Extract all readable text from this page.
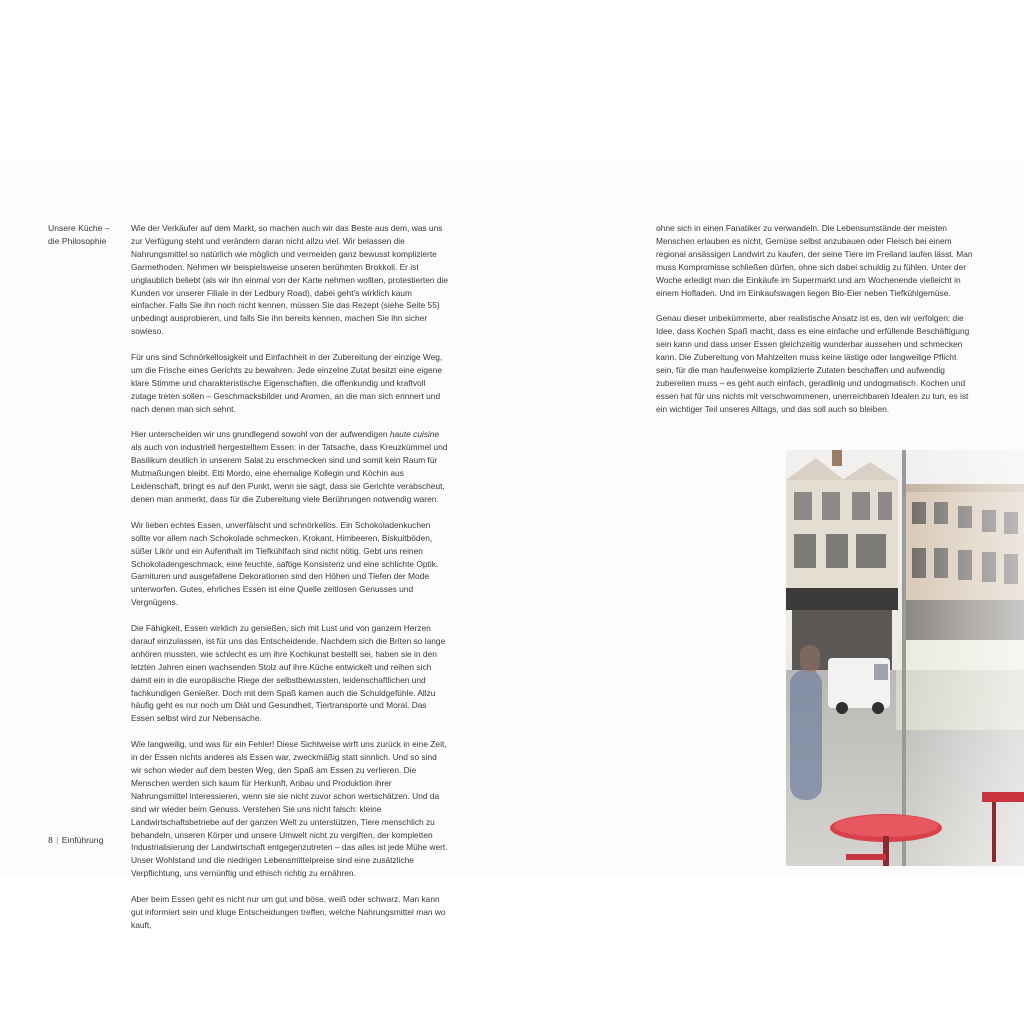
Unsere Küche –
die Philosophie

Wie der Verkäufer auf dem Markt, so machen auch wir das Beste aus dem, was uns zur Verfügung steht und verändern daran nicht allzu viel. Wir belassen die Nahrungsmittel so natürlich wie möglich und vermeiden ganz bewusst komplizierte Garmethoden. Nehmen wir beispielsweise unseren berühmten Brokkoli. Er ist unglaublich beliebt (als wir ihn einmal von der Karte nehmen wollten, protestierten die Kunden vor unserer Filiale in der Ledbury Road), dabei geht’s wirklich kaum einfacher. Falls Sie ihn noch nicht kennen, müssen Sie das Rezept (siehe Seite 55) unbedingt ausprobieren, und falls Sie ihn bereits kennen, machen Sie ihn sicher sowieso.

Für uns sind Schnörkellosigkeit und Einfachheit in der Zubereitung der einzige Weg, um die Frische eines Gerichts zu bewahren. Jede einzelne Zutat besitzt eine eigene klare Stimme und charakteristische Eigenschaften, die offenkundig und kraftvoll zutage treten sollen – Geschmacksbilder und Aromen, an die man sich erinnert und nach denen man sich sehnt.

Hier unterscheiden wir uns grundlegend sowohl von der aufwendigen haute cuisine als auch von industriell hergestelltem Essen: in der Tatsache, dass Kreuzkümmel und Basilikum deutlich in unserem Salat zu erschmecken sind und somit kein Raum für Mutmaßungen bleibt. Etti Mordo, eine ehemalige Kollegin und Köchin aus Leidenschaft, bringt es auf den Punkt, wenn sie sagt, dass sie Gerichte verabscheut, denen man anmerkt, dass für die Zubereitung viele Berührungen notwendig waren.

Wir lieben echtes Essen, unverfälscht und schnörkellos. Ein Schokoladenkuchen sollte vor allem nach Schokolade schmecken. Krokant, Himbeeren, Biskuitböden, süßer Likör und ein Aufenthalt im Tiefkühlfach sind nicht nötig. Gebt uns reinen Schokoladengeschmack, eine feuchte, saftige Konsistenz und eine schlichte Optik. Garnituren und ausgefallene Dekorationen sind den Höhen und Tiefen der Mode unterworfen. Gutes, ehrliches Essen ist eine Quelle zeitlosen Genusses und Vergnügens.

Die Fähigkeit, Essen wirklich zu genießen, sich mit Lust und von ganzem Herzen darauf einzulassen, ist für uns das Entscheidende. Nachdem sich die Briten so lange anhören mussten, wie schlecht es um ihre Kochkunst bestellt sei, haben sie in den letzten Jahren einen wachsenden Stolz auf ihre Küche entwickelt und reihen sich damit ein in die europäische Riege der selbstbewussten, leidenschaftlichen und fachkundigen Genießer. Doch mit dem Spaß kamen auch die Schuldgefühle. Allzu häufig geht es nur noch um Diät und Gesundheit, Tiertransporte und Moral. Das Essen selbst wird zur Nebensache.

Wie langweilig, und was für ein Fehler! Diese Sichtweise wirft uns zurück in eine Zeit, in der Essen nichts anderes als Essen war, zweckmäßig statt sinnlich. Und so sind wir schon wieder auf dem besten Weg, den Spaß am Essen zu verlieren. Die Menschen werden sich kaum für Herkunft, Anbau und Produktion ihrer Nahrungsmittel interessieren, wenn sie sie nicht zuvor schon wertschätzen. Und da sind wir wieder beim Genuss. Verstehen Sie uns nicht falsch: kleine Landwirtschaftsbetriebe auf der ganzen Welt zu unterstützen, Tiere menschlich zu behandeln, unseren Körper und unsere Umwelt nicht zu vergiften, der kompletten Industrialisierung der Landwirtschaft entgegenzutreten – das alles ist jede Mühe wert. Unser Wohlstand und die niedrigen Lebensmittelpreise sind eine zusätzliche Verpflichtung, uns vernünftig und ethisch richtig zu ernähren.

Aber beim Essen geht es nicht nur um gut und böse, weiß oder schwarz. Man kann gut informiert sein und kluge Entscheidungen treffen, welche Nahrungsmittel man wo kauft,

ohne sich in einen Fanatiker zu verwandeln. Die Lebensumstände der meisten Menschen erlauben es nicht, Gemüse selbst anzubauen oder Fleisch bei einem regional ansässigen Landwirt zu kaufen, der seine Tiere im Freiland laufen lässt. Man muss Kompromisse schließen dürfen, ohne sich dabei schuldig zu fühlen. Unter der Woche erledigt man die Einkäufe im Supermarkt und am Wochenende vielleicht in einem Hofladen. Und im Einkaufswagen liegen Bio-Eier neben Tiefkühlgemüse.

Genau dieser unbekümmerte, aber realistische Ansatz ist es, den wir verfolgen: die Idee, dass Kochen Spaß macht, dass es eine einfache und erfüllende Beschäftigung sein kann und dass unser Essen gleichzeitig wunderbar aussehen und schmecken kann. Die Zubereitung von Mahlzeiten muss keine lästige oder langweilige Pflicht sein, für die man haufenweise komplizierte Zutaten beschaffen und aufwendig zubereiten muss – es geht auch einfach, geradlinig und undogmatisch. Kochen und essen hat für uns nichts mit verschwommenen, unerreichbaren Idealen zu tun, es ist ein wichtiger Teil unseres Alltags, und das soll auch so bleiben.

8 | Einführung
